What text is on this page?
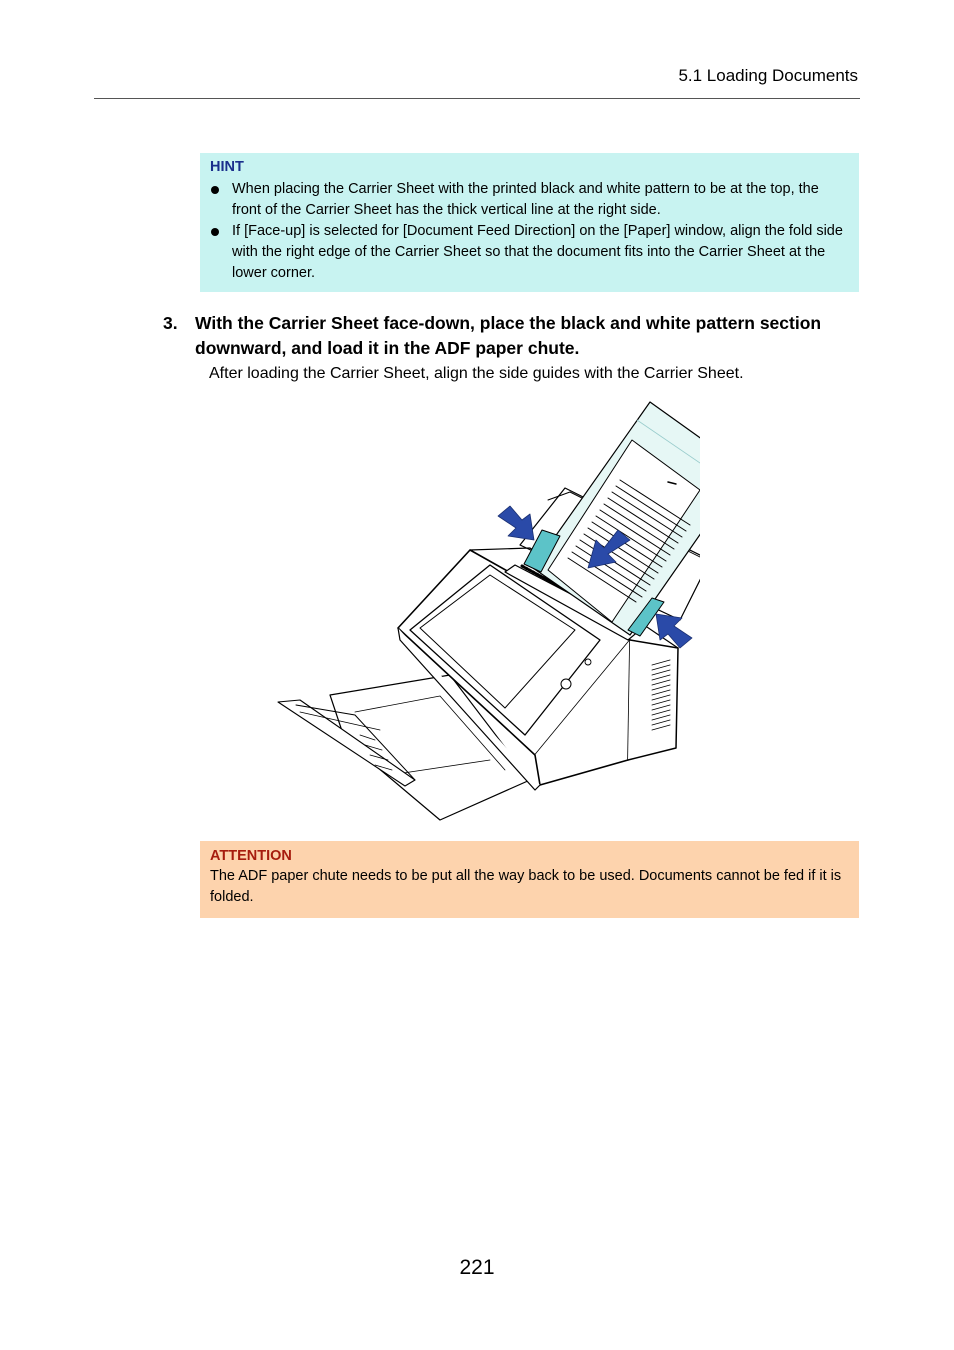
5.1 Loading Documents
HINT
When placing the Carrier Sheet with the printed black and white pattern to be at the top, the front of the Carrier Sheet has the thick vertical line at the right side.
If [Face-up] is selected for [Document Feed Direction] on the [Paper] window, align the fold side with the right edge of the Carrier Sheet so that the document fits into the Carrier Sheet at the lower corner.
3. With the Carrier Sheet face-down, place the black and white pattern section downward, and load it in the ADF paper chute.
After loading the Carrier Sheet, align the side guides with the Carrier Sheet.
ATTENTION
The ADF paper chute needs to be put all the way back to be used. Documents cannot be fed if it is folded.
221
